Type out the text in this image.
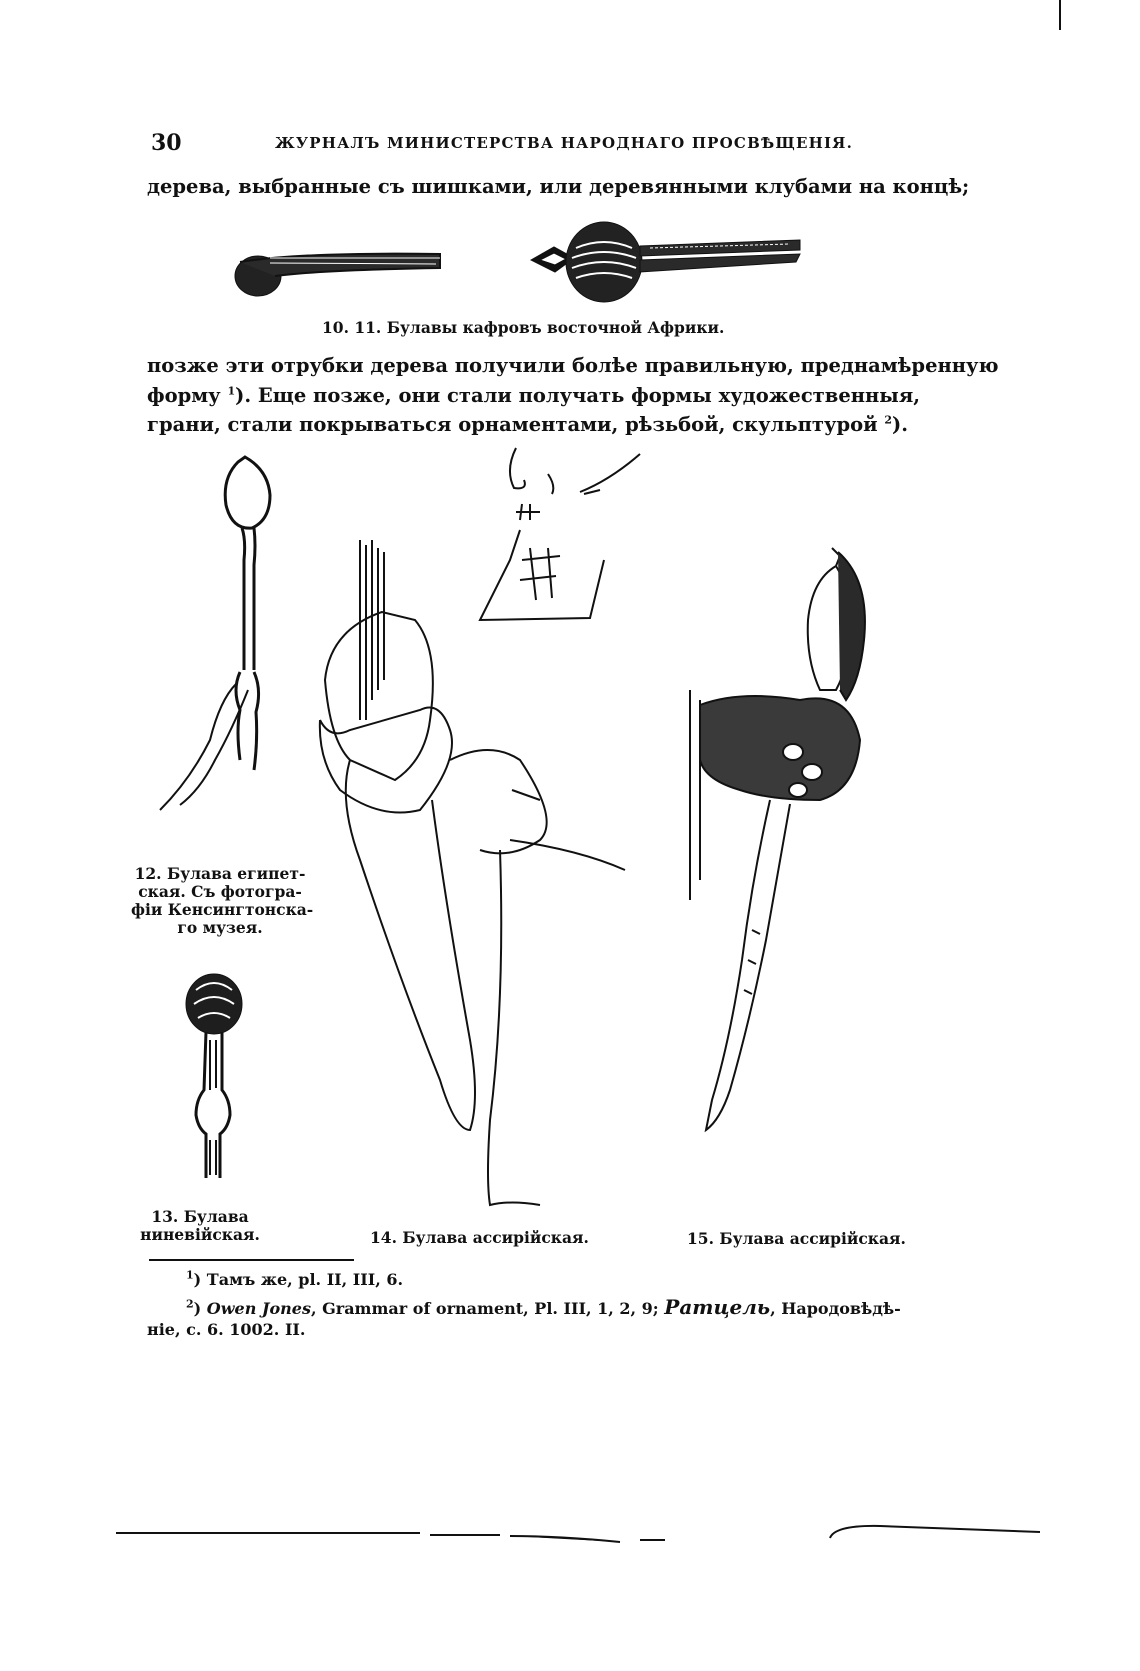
30	ЖУРНАЛЪ МИНИСТЕРСТВА НАРОДНАГО ПРОСВѢЩЕНІЯ.
дерева, выбранные съ шишками, или деревянными клубами на концѣ;
10. 11. Булавы кафровъ восточной Африки.
позже эти отрубки дерева получили болѣе правильную, преднамѣренную
форму $^1$). Еще позже, они стали получать формы художественныя,
грани, стали покрываться орнаментами, рѣзьбой, скульптурой $^2$).
12. Булава египет-
ская. Съ фотогра-
фіи Кенсингтонска-
го музея.
13. Булава
ниневійская.	14. Булава ассирійская.	15. Булава ассирійская.
$^1$) Тамъ же, pl. II, III, 6.
$^2$) Owen Jones, Grammar of ornament, Pl. III, 1, 2, 9; Ратцель, Народовѣдѣ-
ніе, с. 6. 1002. II.
